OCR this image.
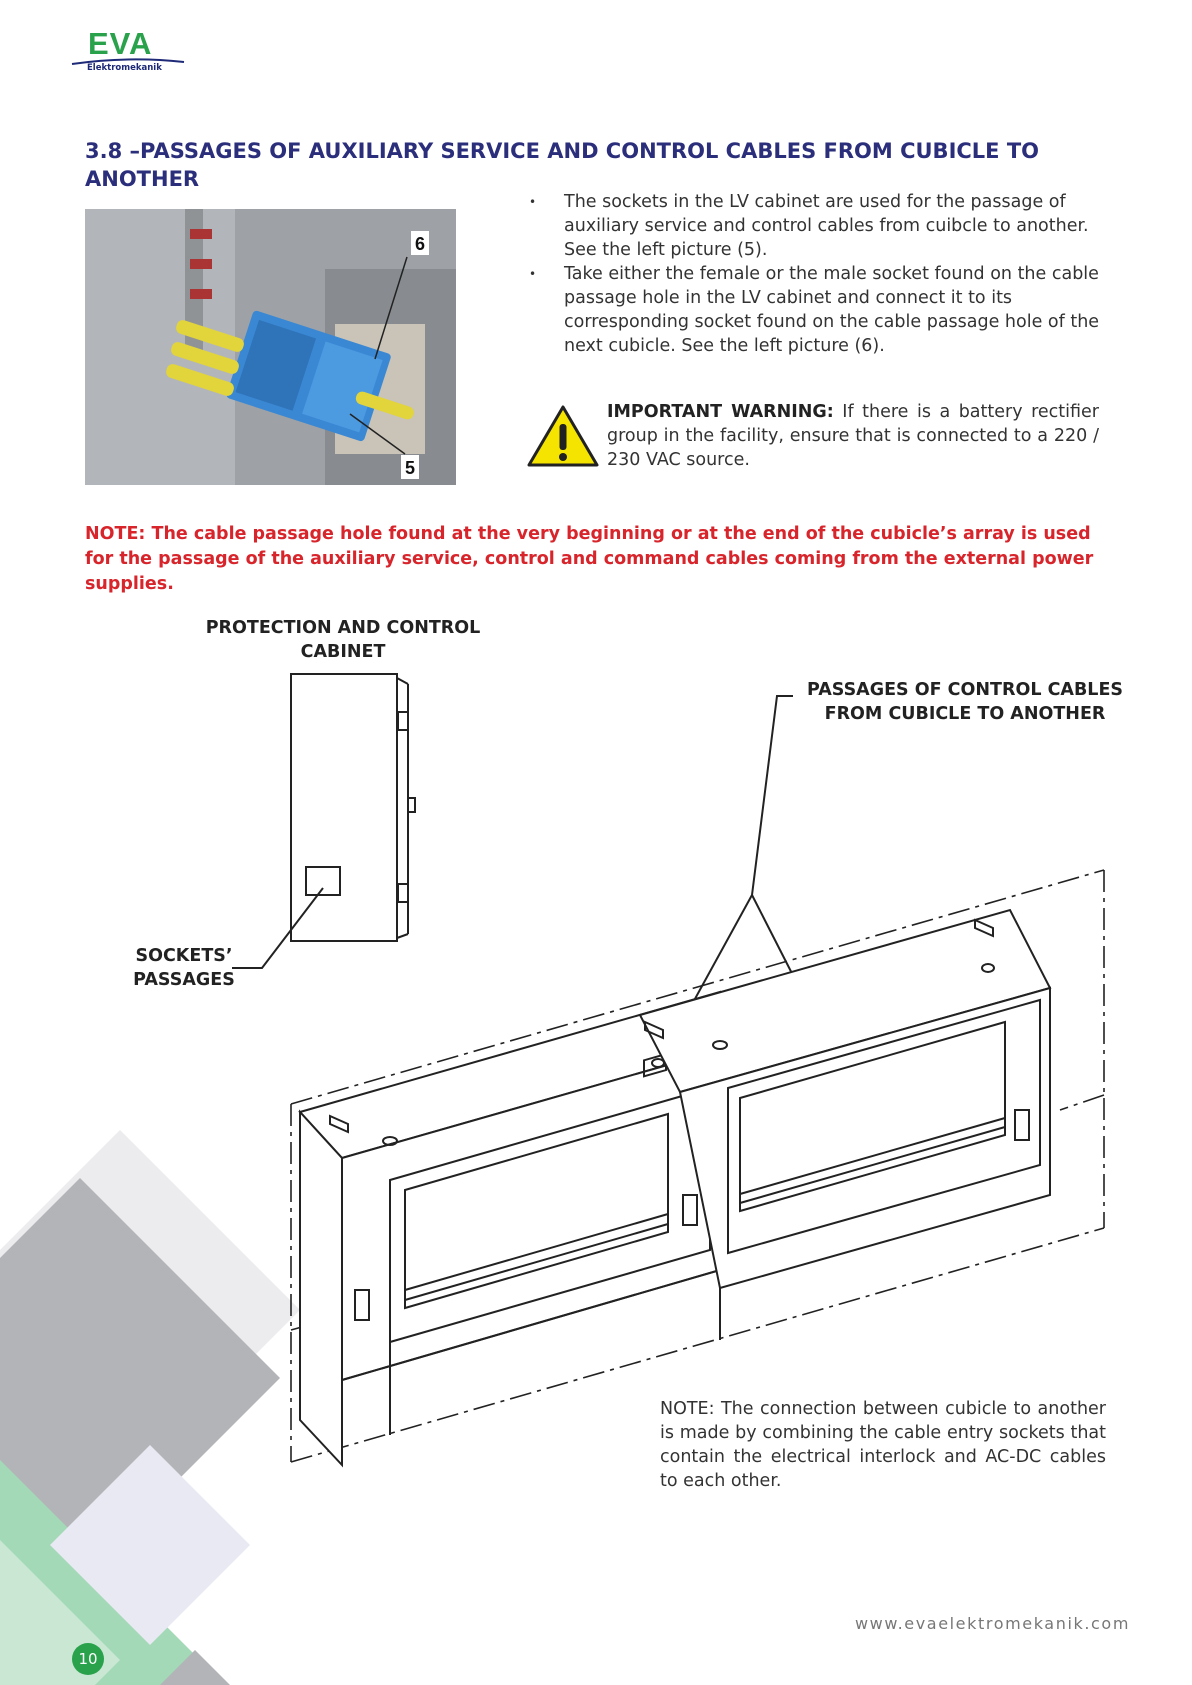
EVA
Elektromekanik
3.8 –PASSAGES OF AUXILIARY SERVICE AND CONTROL CABLES FROM CUBICLE TO ANOTHER
6
5
• The sockets in the LV cabinet are used for the passage of auxiliary service and control cables from cuibcle to another. See the left picture (5).
• Take either the female or the male socket found on the cable passage hole in the LV cabinet and connect it to its corresponding socket found on the cable passage hole of the next cubicle. See the left picture (6).
IMPORTANT WARNING: If there is a battery rectifier group in the facility, ensure that is connected to a 220 / 230 VAC source.
NOTE: The cable passage hole found at the very beginning or at the end of the cubicle’s array is used for the passage of the auxiliary service, control and command cables coming from the external power supplies.
PROTECTION AND CONTROL CABINET
PASSAGES OF CONTROL CABLES FROM CUBICLE TO ANOTHER
SOCKETS’ PASSAGES
NOTE: The connection between cubicle to another is made by combining the cable entry sockets that contain the electrical interlock and AC-DC cables to each other.
10
www.evaelektromekanik.com
